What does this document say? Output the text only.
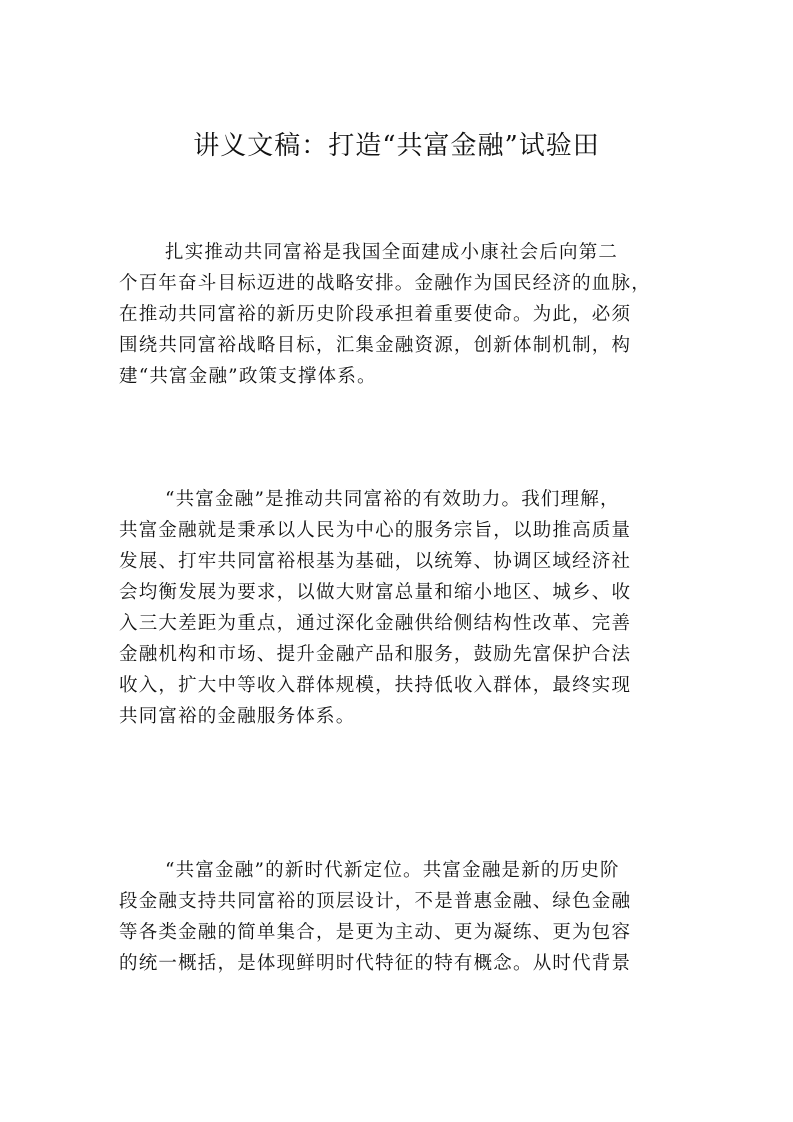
讲义文稿：打造“共富金融”试验田
扎实推动共同富裕是我国全面建成小康社会后向第二
个百年奋斗目标迈进的战略安排。金融作为国民经济的血脉，
在推动共同富裕的新历史阶段承担着重要使命。为此，必须
围绕共同富裕战略目标，汇集金融资源，创新体制机制，构
建“共富金融”政策支撑体系。
“共富金融”是推动共同富裕的有效助力。我们理解，
共富金融就是秉承以人民为中心的服务宗旨，以助推高质量
发展、打牢共同富裕根基为基础，以统筹、协调区域经济社
会均衡发展为要求，以做大财富总量和缩小地区、城乡、收
入三大差距为重点，通过深化金融供给侧结构性改革、完善
金融机构和市场、提升金融产品和服务，鼓励先富保护合法
收入，扩大中等收入群体规模，扶持低收入群体，最终实现
共同富裕的金融服务体系。
“共富金融”的新时代新定位。共富金融是新的历史阶
段金融支持共同富裕的顶层设计，不是普惠金融、绿色金融
等各类金融的简单集合，是更为主动、更为凝练、更为包容
的统一概括，是体现鲜明时代特征的特有概念。从时代背景
